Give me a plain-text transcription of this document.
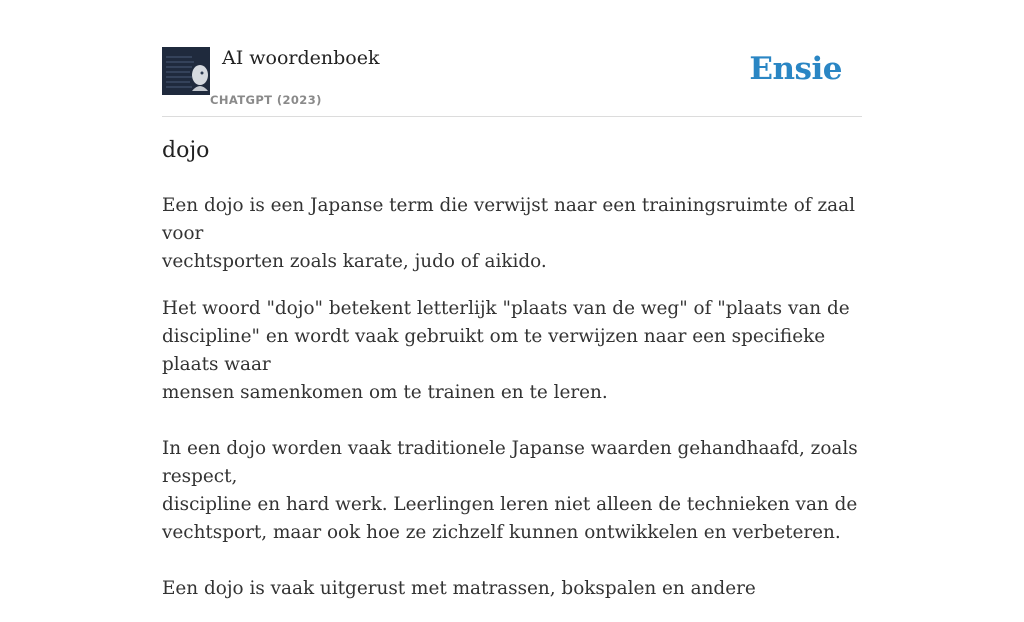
AI woordenboek
CHATGPT (2023)
Ensie
dojo

Een dojo is een Japanse term die verwijst naar een trainingsruimte of zaal voor
vechtsporten zoals karate, judo of aikido.

Het woord "dojo" betekent letterlijk "plaats van de weg" of "plaats van de
discipline" en wordt vaak gebruikt om te verwijzen naar een specifieke plaats waar
mensen samenkomen om te trainen en te leren.

In een dojo worden vaak traditionele Japanse waarden gehandhaafd, zoals respect,
discipline en hard werk. Leerlingen leren niet alleen de technieken van de
vechtsport, maar ook hoe ze zichzelf kunnen ontwikkelen en verbeteren.

Een dojo is vaak uitgerust met matrassen, bokspalen en andere
